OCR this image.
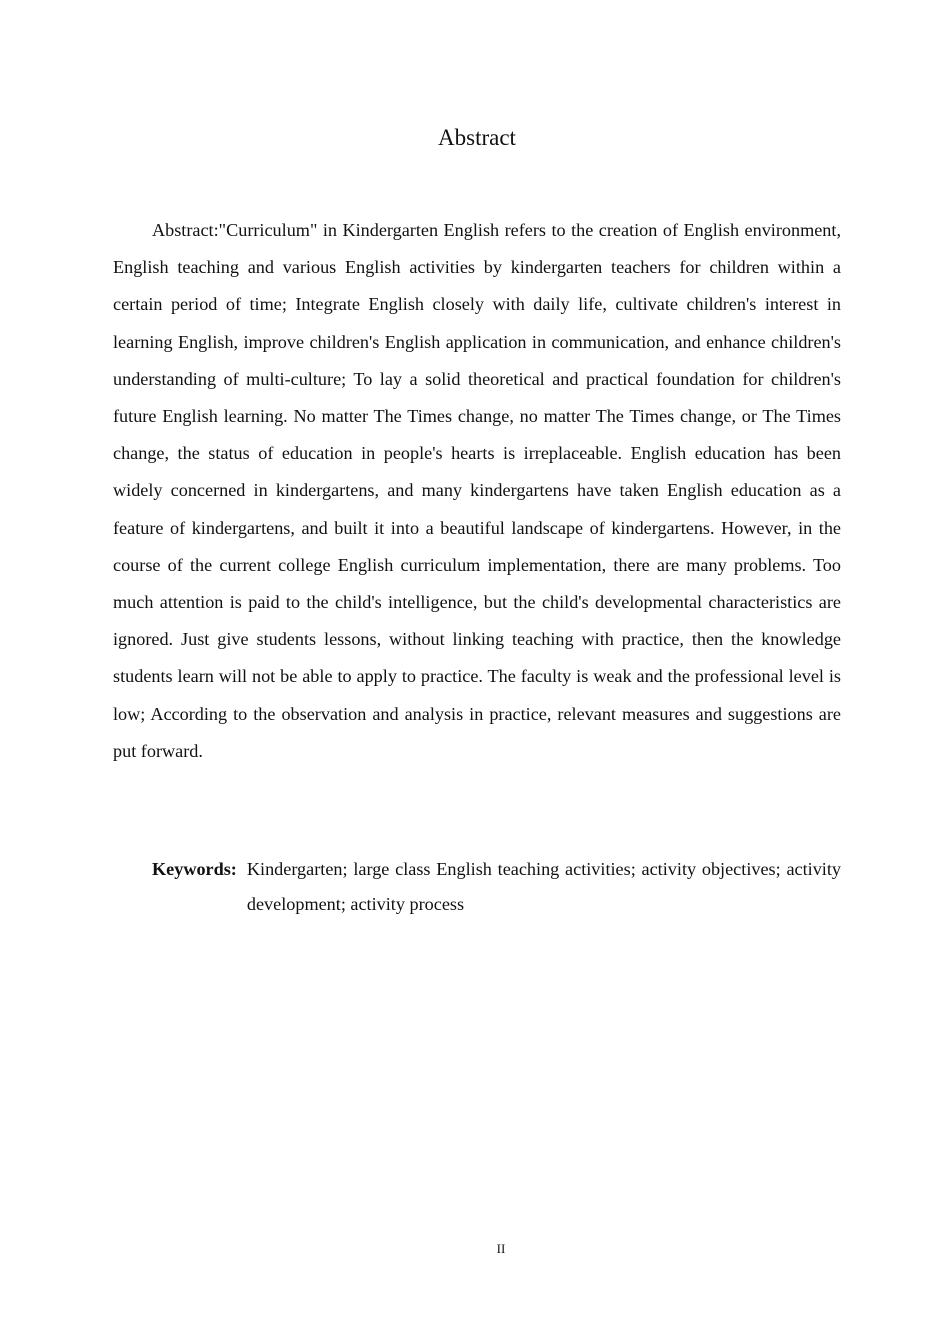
Abstract

Abstract:"Curriculum" in Kindergarten English refers to the creation of English environment, English teaching and various English activities by kindergarten teachers for children within a certain period of time; Integrate English closely with daily life, cultivate children's interest in learning English, improve children's English application in communication, and enhance children's understanding of multi-culture; To lay a solid theoretical and practical foundation for children's future English learning. No matter The Times change, no matter The Times change, or The Times change, the status of education in people's hearts is irreplaceable. English education has been widely concerned in kindergartens, and many kindergartens have taken English education as a feature of kindergartens, and built it into a beautiful landscape of kindergartens. However, in the course of the current college English curriculum implementation, there are many problems. Too much attention is paid to the child's intelligence, but the child's developmental characteristics are ignored. Just give students lessons, without linking teaching with practice, then the knowledge students learn will not be able to apply to practice. The faculty is weak and the professional level is low; According to the observation and analysis in practice, relevant measures and suggestions are put forward.

Keywords: Kindergarten; large class English teaching activities; activity objectives; activity development; activity process
II
